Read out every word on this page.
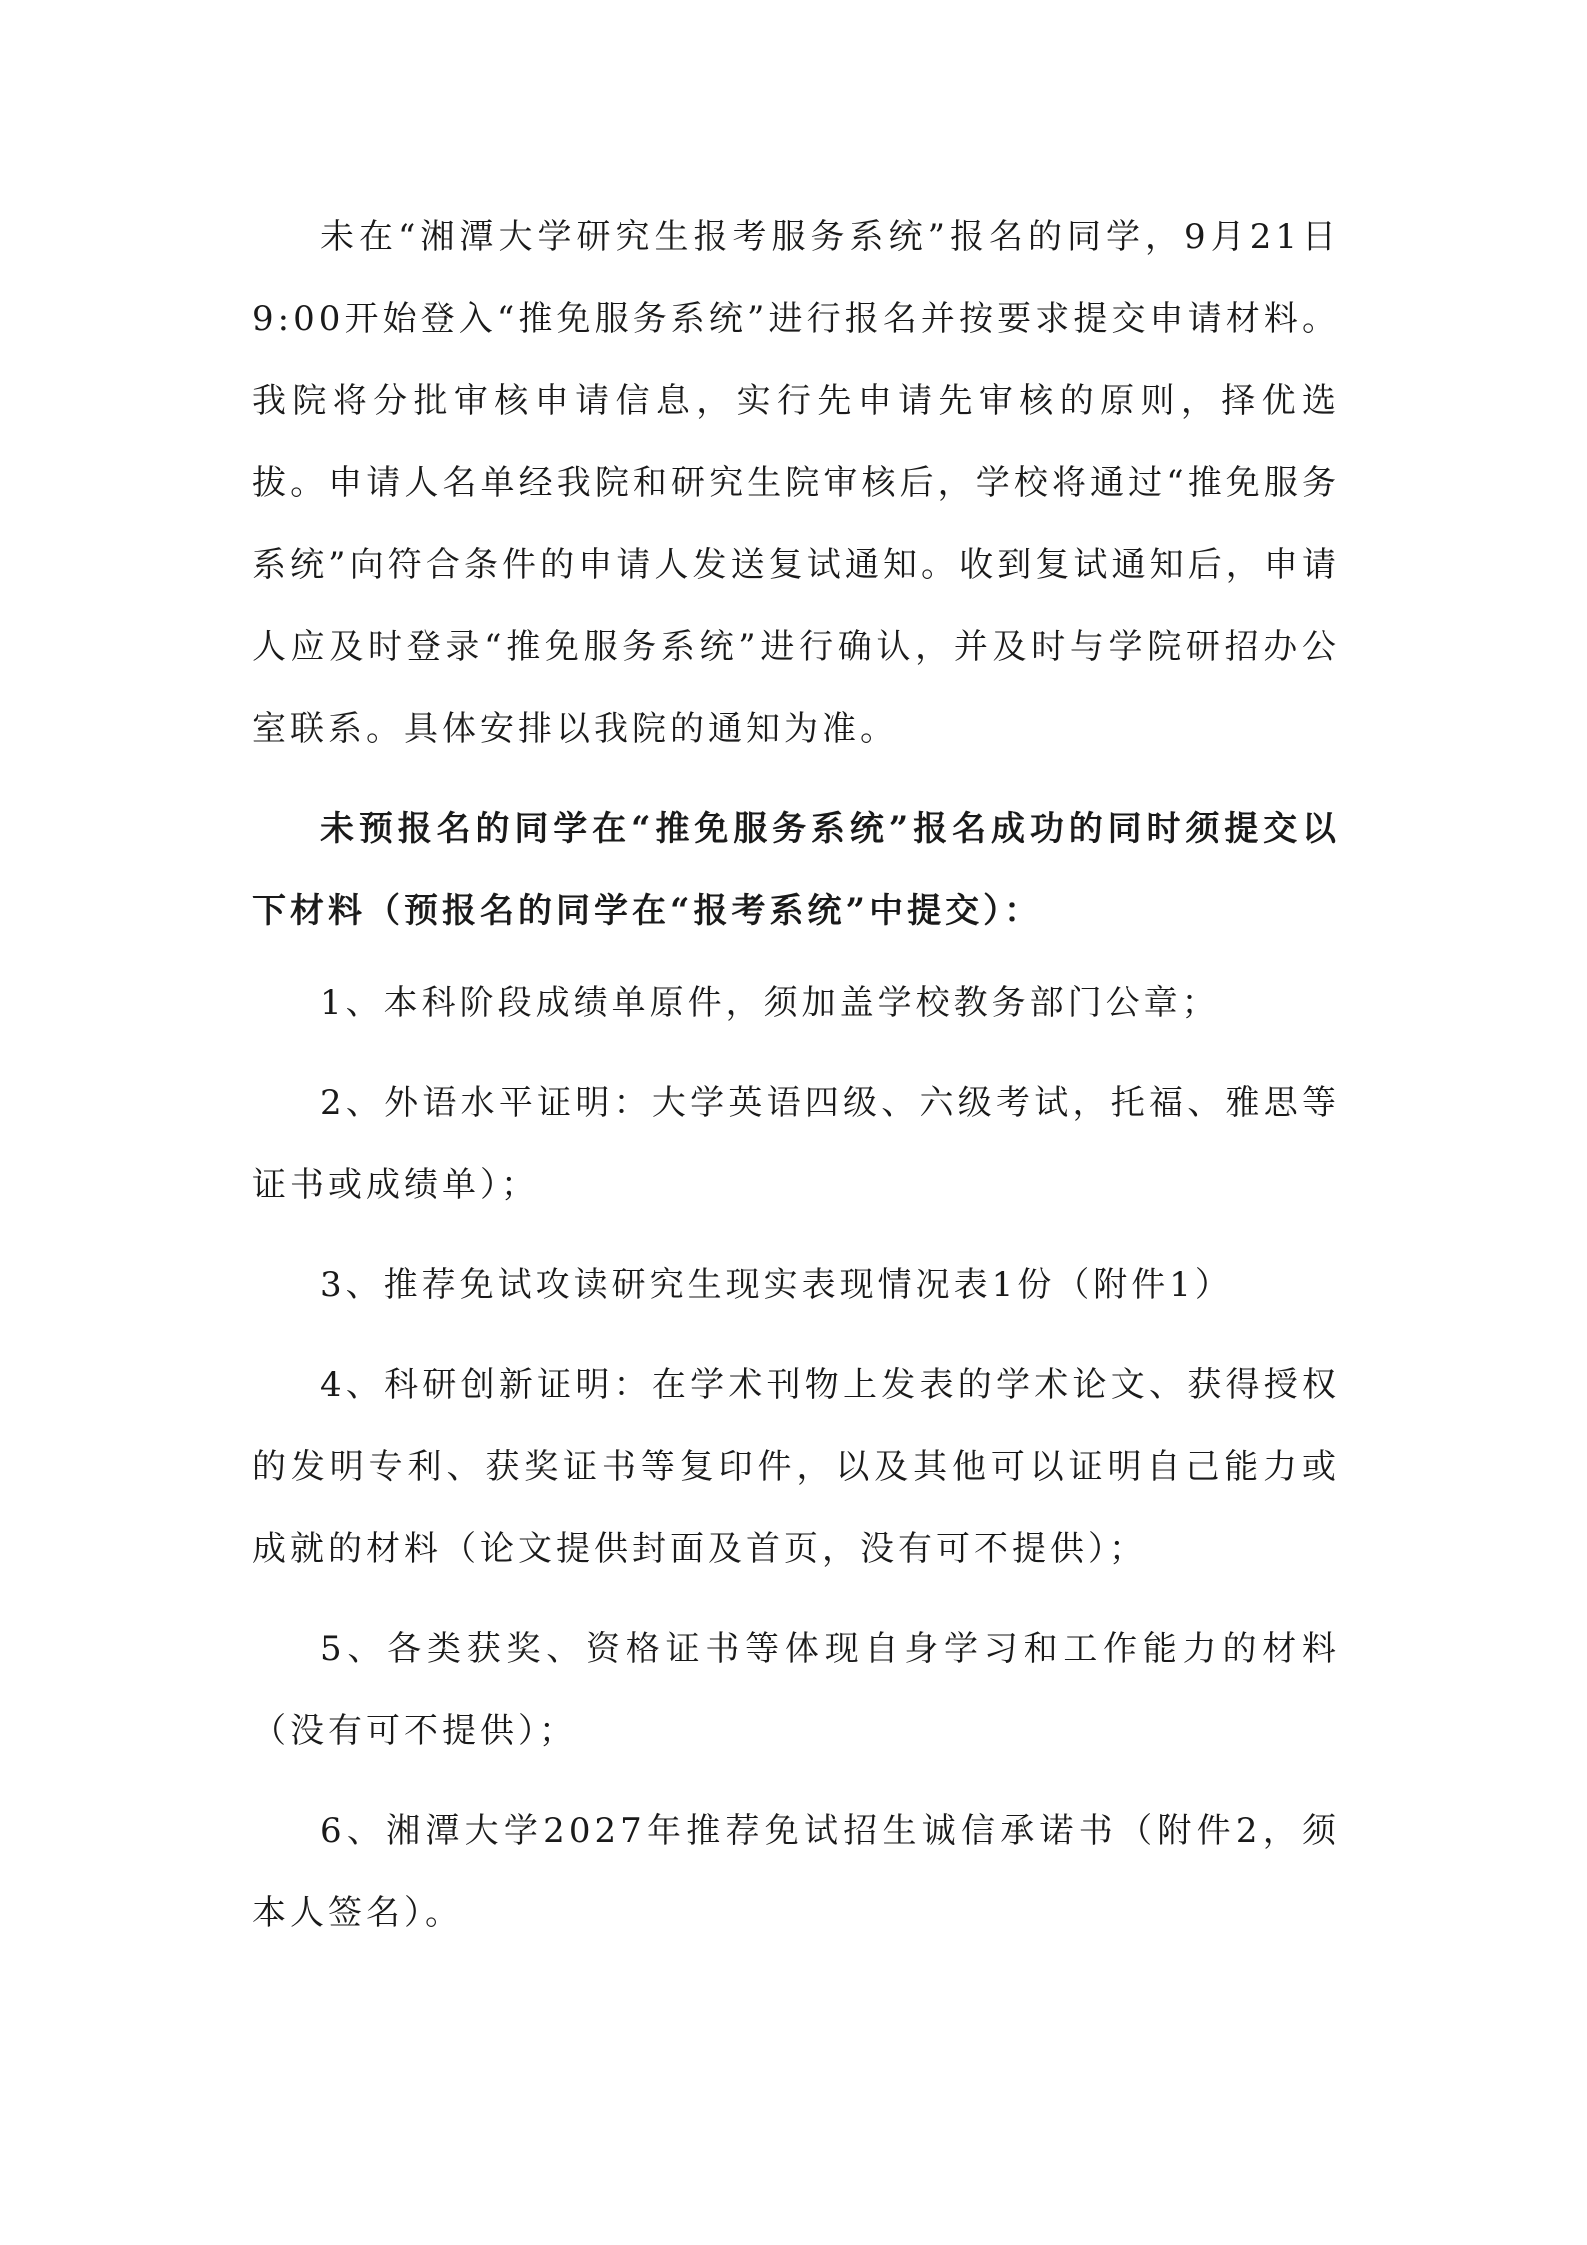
未在“湘潭大学研究生报考服务系统”报名的同学，9月21日9:00开始登入“推免服务系统”进行报名并按要求提交申请材料。我院将分批审核申请信息，实行先申请先审核的原则，择优选拔。申请人名单经我院和研究生院审核后，学校将通过“推免服务系统”向符合条件的申请人发送复试通知。收到复试通知后，申请人应及时登录“推免服务系统”进行确认，并及时与学院研招办公室联系。具体安排以我院的通知为准。

未预报名的同学在“推免服务系统”报名成功的同时须提交以下材料（预报名的同学在“报考系统”中提交）：

1、本科阶段成绩单原件，须加盖学校教务部门公章；

2、外语水平证明：大学英语四级、六级考试，托福、雅思等证书或成绩单）；

3、推荐免试攻读研究生现实表现情况表1份（附件1）

4、科研创新证明：在学术刊物上发表的学术论文、获得授权的发明专利、获奖证书等复印件，以及其他可以证明自己能力或成就的材料（论文提供封面及首页，没有可不提供）；

5、各类获奖、资格证书等体现自身学习和工作能力的材料（没有可不提供）；

6、湘潭大学2027年推荐免试招生诚信承诺书（附件2，须本人签名）。
